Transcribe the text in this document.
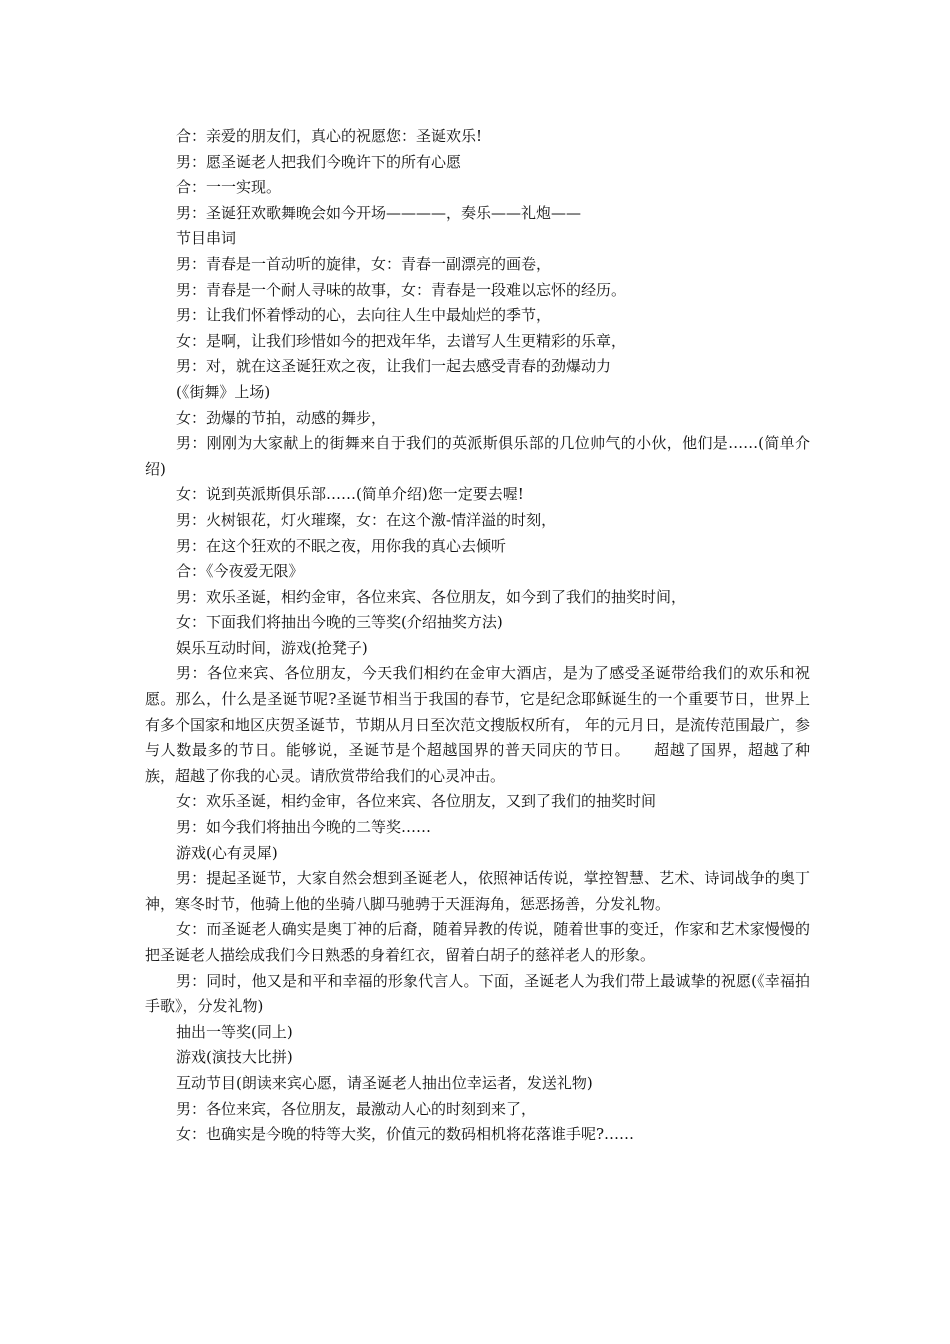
合：亲爱的朋友们，真心的祝愿您：圣诞欢乐!

男：愿圣诞老人把我们今晚许下的所有心愿

合：一一实现。

男：圣诞狂欢歌舞晚会如今开场————，奏乐——礼炮——

节目串词

男：青春是一首动听的旋律，女：青春一副漂亮的画卷，

男：青春是一个耐人寻味的故事，女：青春是一段难以忘怀的经历。

男：让我们怀着悸动的心，去向往人生中最灿烂的季节，

女：是啊，让我们珍惜如今的把戏年华，去谱写人生更精彩的乐章，

男：对，就在这圣诞狂欢之夜，让我们一起去感受青春的劲爆动力

(《街舞》上场)

女：劲爆的节拍，动感的舞步，

男：刚刚为大家献上的街舞来自于我们的英派斯俱乐部的几位帅气的小伙，他们是……(简单介绍)

女：说到英派斯俱乐部……(简单介绍)您一定要去喔!

男：火树银花，灯火璀璨，女：在这个激-情洋溢的时刻，

男：在这个狂欢的不眠之夜，用你我的真心去倾听

合：《今夜爱无限》

男：欢乐圣诞，相约金审，各位来宾、各位朋友，如今到了我们的抽奖时间，

女：下面我们将抽出今晚的三等奖(介绍抽奖方法)

娱乐互动时间，游戏(抢凳子)

男：各位来宾、各位朋友，今天我们相约在金审大酒店，是为了感受圣诞带给我们的欢乐和祝愿。那么，什么是圣诞节呢?圣诞节相当于我国的春节，它是纪念耶稣诞生的一个重要节日，世界上有多个国家和地区庆贺圣诞节，节期从月日至次范文搜版权所有， 年的元月日，是流传范围最广，参与人数最多的节日。能够说，圣诞节是个超越国界的普天同庆的节日。　　超越了国界，超越了种族，超越了你我的心灵。请欣赏带给我们的心灵冲击。

女：欢乐圣诞，相约金审，各位来宾、各位朋友，又到了我们的抽奖时间

男：如今我们将抽出今晚的二等奖……

游戏(心有灵犀)

男：提起圣诞节，大家自然会想到圣诞老人，依照神话传说，掌控智慧、艺术、诗词战争的奥丁神，寒冬时节，他骑上他的坐骑八脚马驰骋于天涯海角，惩恶扬善，分发礼物。

女：而圣诞老人确实是奥丁神的后裔，随着异教的传说，随着世事的变迁，作家和艺术家慢慢的把圣诞老人描绘成我们今日熟悉的身着红衣，留着白胡子的慈祥老人的形象。

男：同时，他又是和平和幸福的形象代言人。下面，圣诞老人为我们带上最诚挚的祝愿(《幸福拍手歌》，分发礼物)

抽出一等奖(同上)

游戏(演技大比拼)

互动节目(朗读来宾心愿，请圣诞老人抽出位幸运者，发送礼物)

男：各位来宾，各位朋友，最激动人心的时刻到来了，

女：也确实是今晚的特等大奖，价值元的数码相机将花落谁手呢?……
